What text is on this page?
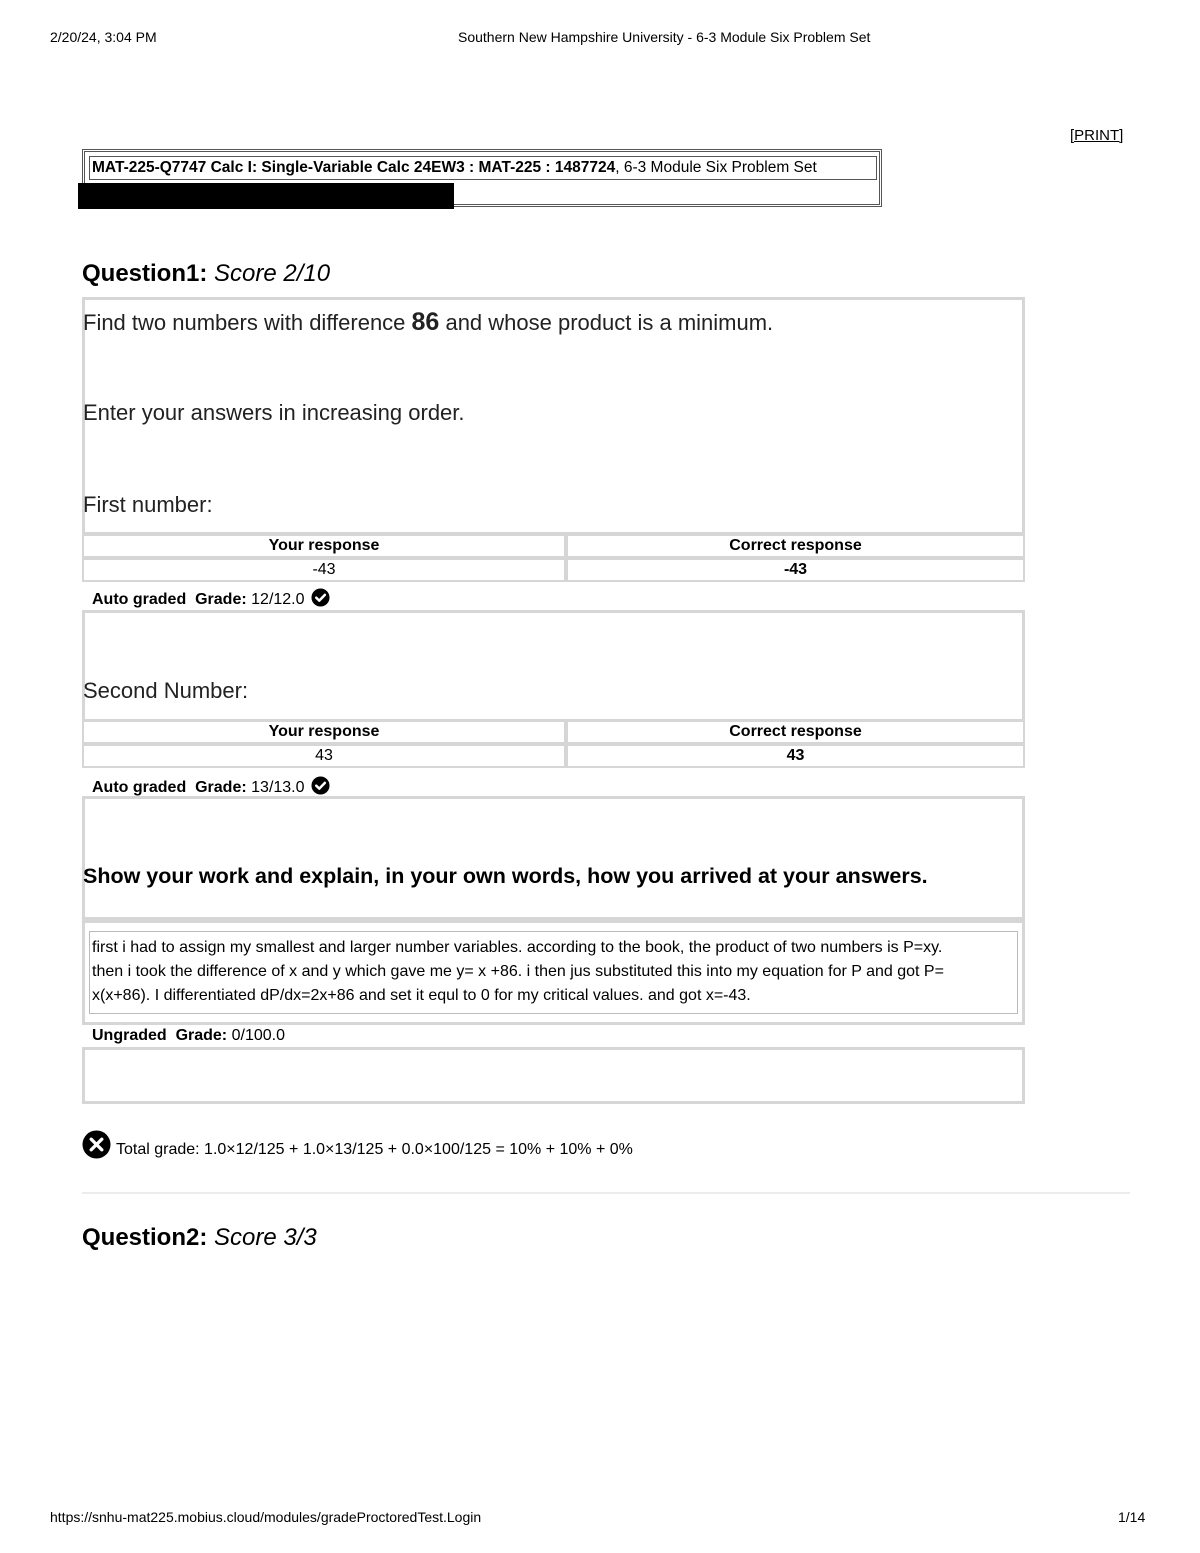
2/20/24, 3:04 PM	Southern New Hampshire University - 6-3 Module Six Problem Set
[PRINT]
MAT-225-Q7747 Calc I: Single-Variable Calc 24EW3 : MAT-225 : 1487724, 6-3 Module Six Problem Set
Question1: Score 2/10
Find two numbers with difference 86 and whose product is a minimum.
Enter your answers in increasing order.
First number:
Your response	Correct response
-43	-43
Auto graded Grade: 12/12.0
Second Number:
Your response	Correct response
43	43
Auto graded Grade: 13/13.0
Show your work and explain, in your own words, how you arrived at your answers.
first i had to assign my smallest and larger number variables. according to the book, the product of two numbers is P=xy.
then i took the difference of x and y which gave me y= x +86. i then jus substituted this into my equation for P and got P=
x(x+86). I differentiated dP/dx=2x+86 and set it equl to 0 for my critical values. and got x=-43.
Ungraded Grade: 0/100.0
Total grade: 1.0×12/125 + 1.0×13/125 + 0.0×100/125 = 10% + 10% + 0%
Question2: Score 3/3
https://snhu-mat225.mobius.cloud/modules/gradeProctoredTest.Login	1/14
